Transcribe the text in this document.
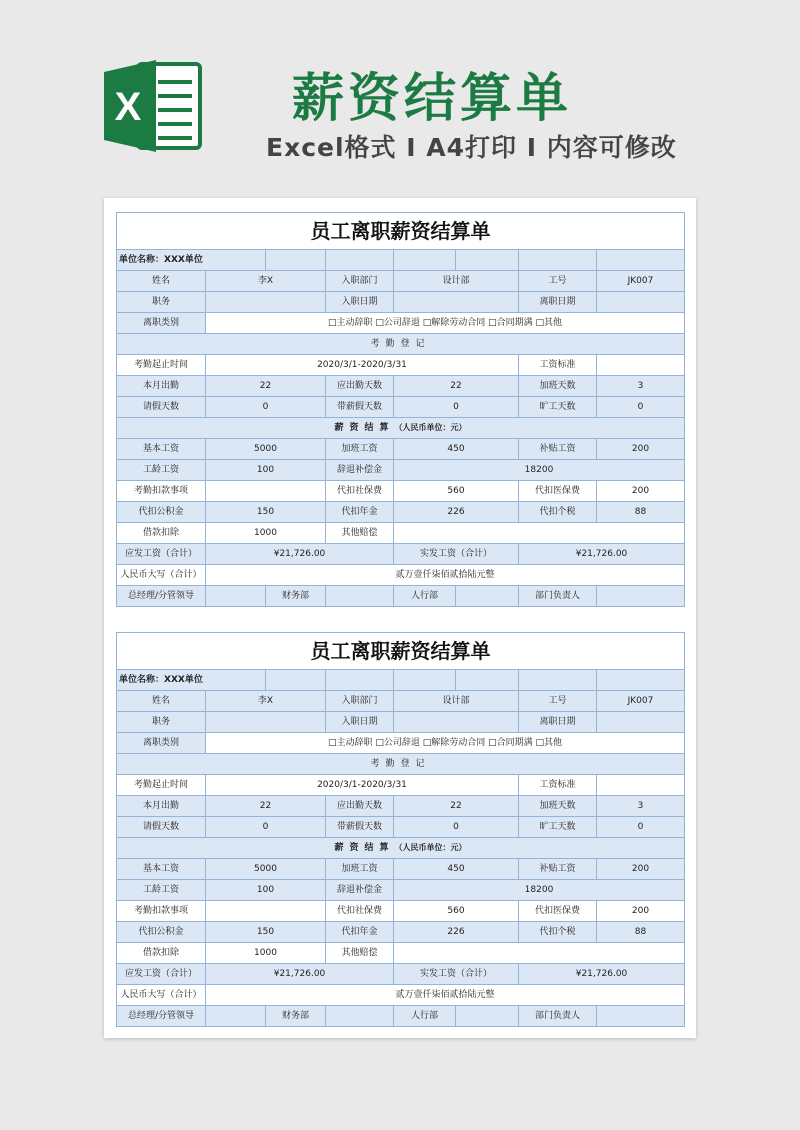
X	薪资结算单
Excel格式 I A4打印 I 内容可修改
员工离职薪资结算单							
单位名称：XXX单位							
姓名	李X		入职部门	设计部		工号	JK007
职务			入职日期			离职日期	
离职类别	□主动辞职 □公司辞退 □解除劳动合同 □合同期满 □其他						
考勤登记							
考勤起止时间	2020/3/1-2020/3/31					工资标准	
本月出勤	22		应出勤天数	22		加班天数	3
请假天数	0		带薪假天数	0		旷工天数	0
薪资结算（人民币单位：元）							
基本工资	5000		加班工资	450		补贴工资	200
工龄工资	100		辞退补偿金	18200			
考勤扣款事项			代扣社保费	560		代扣医保费	200
代扣公积金	150		代扣年金	226		代扣个税	88
借款扣除	1000		其他赔偿				
应发工资（合计）	¥21,726.00			实发工资（合计）		¥21,726.00	
人民币大写（合计）	贰万壹仟柒佰贰拾陆元整						
总经理/分管领导		财务部		人行部		部门负责人	
员工离职薪资结算单							
单位名称：XXX单位							
姓名	李X		入职部门	设计部		工号	JK007
职务			入职日期			离职日期	
离职类别	□主动辞职 □公司辞退 □解除劳动合同 □合同期满 □其他						
考勤登记							
考勤起止时间	2020/3/1-2020/3/31					工资标准	
本月出勤	22		应出勤天数	22		加班天数	3
请假天数	0		带薪假天数	0		旷工天数	0
薪资结算（人民币单位：元）							
基本工资	5000		加班工资	450		补贴工资	200
工龄工资	100		辞退补偿金	18200			
考勤扣款事项			代扣社保费	560		代扣医保费	200
代扣公积金	150		代扣年金	226		代扣个税	88
借款扣除	1000		其他赔偿				
应发工资（合计）	¥21,726.00			实发工资（合计）		¥21,726.00	
人民币大写（合计）	贰万壹仟柒佰贰拾陆元整						
总经理/分管领导		财务部		人行部		部门负责人	
